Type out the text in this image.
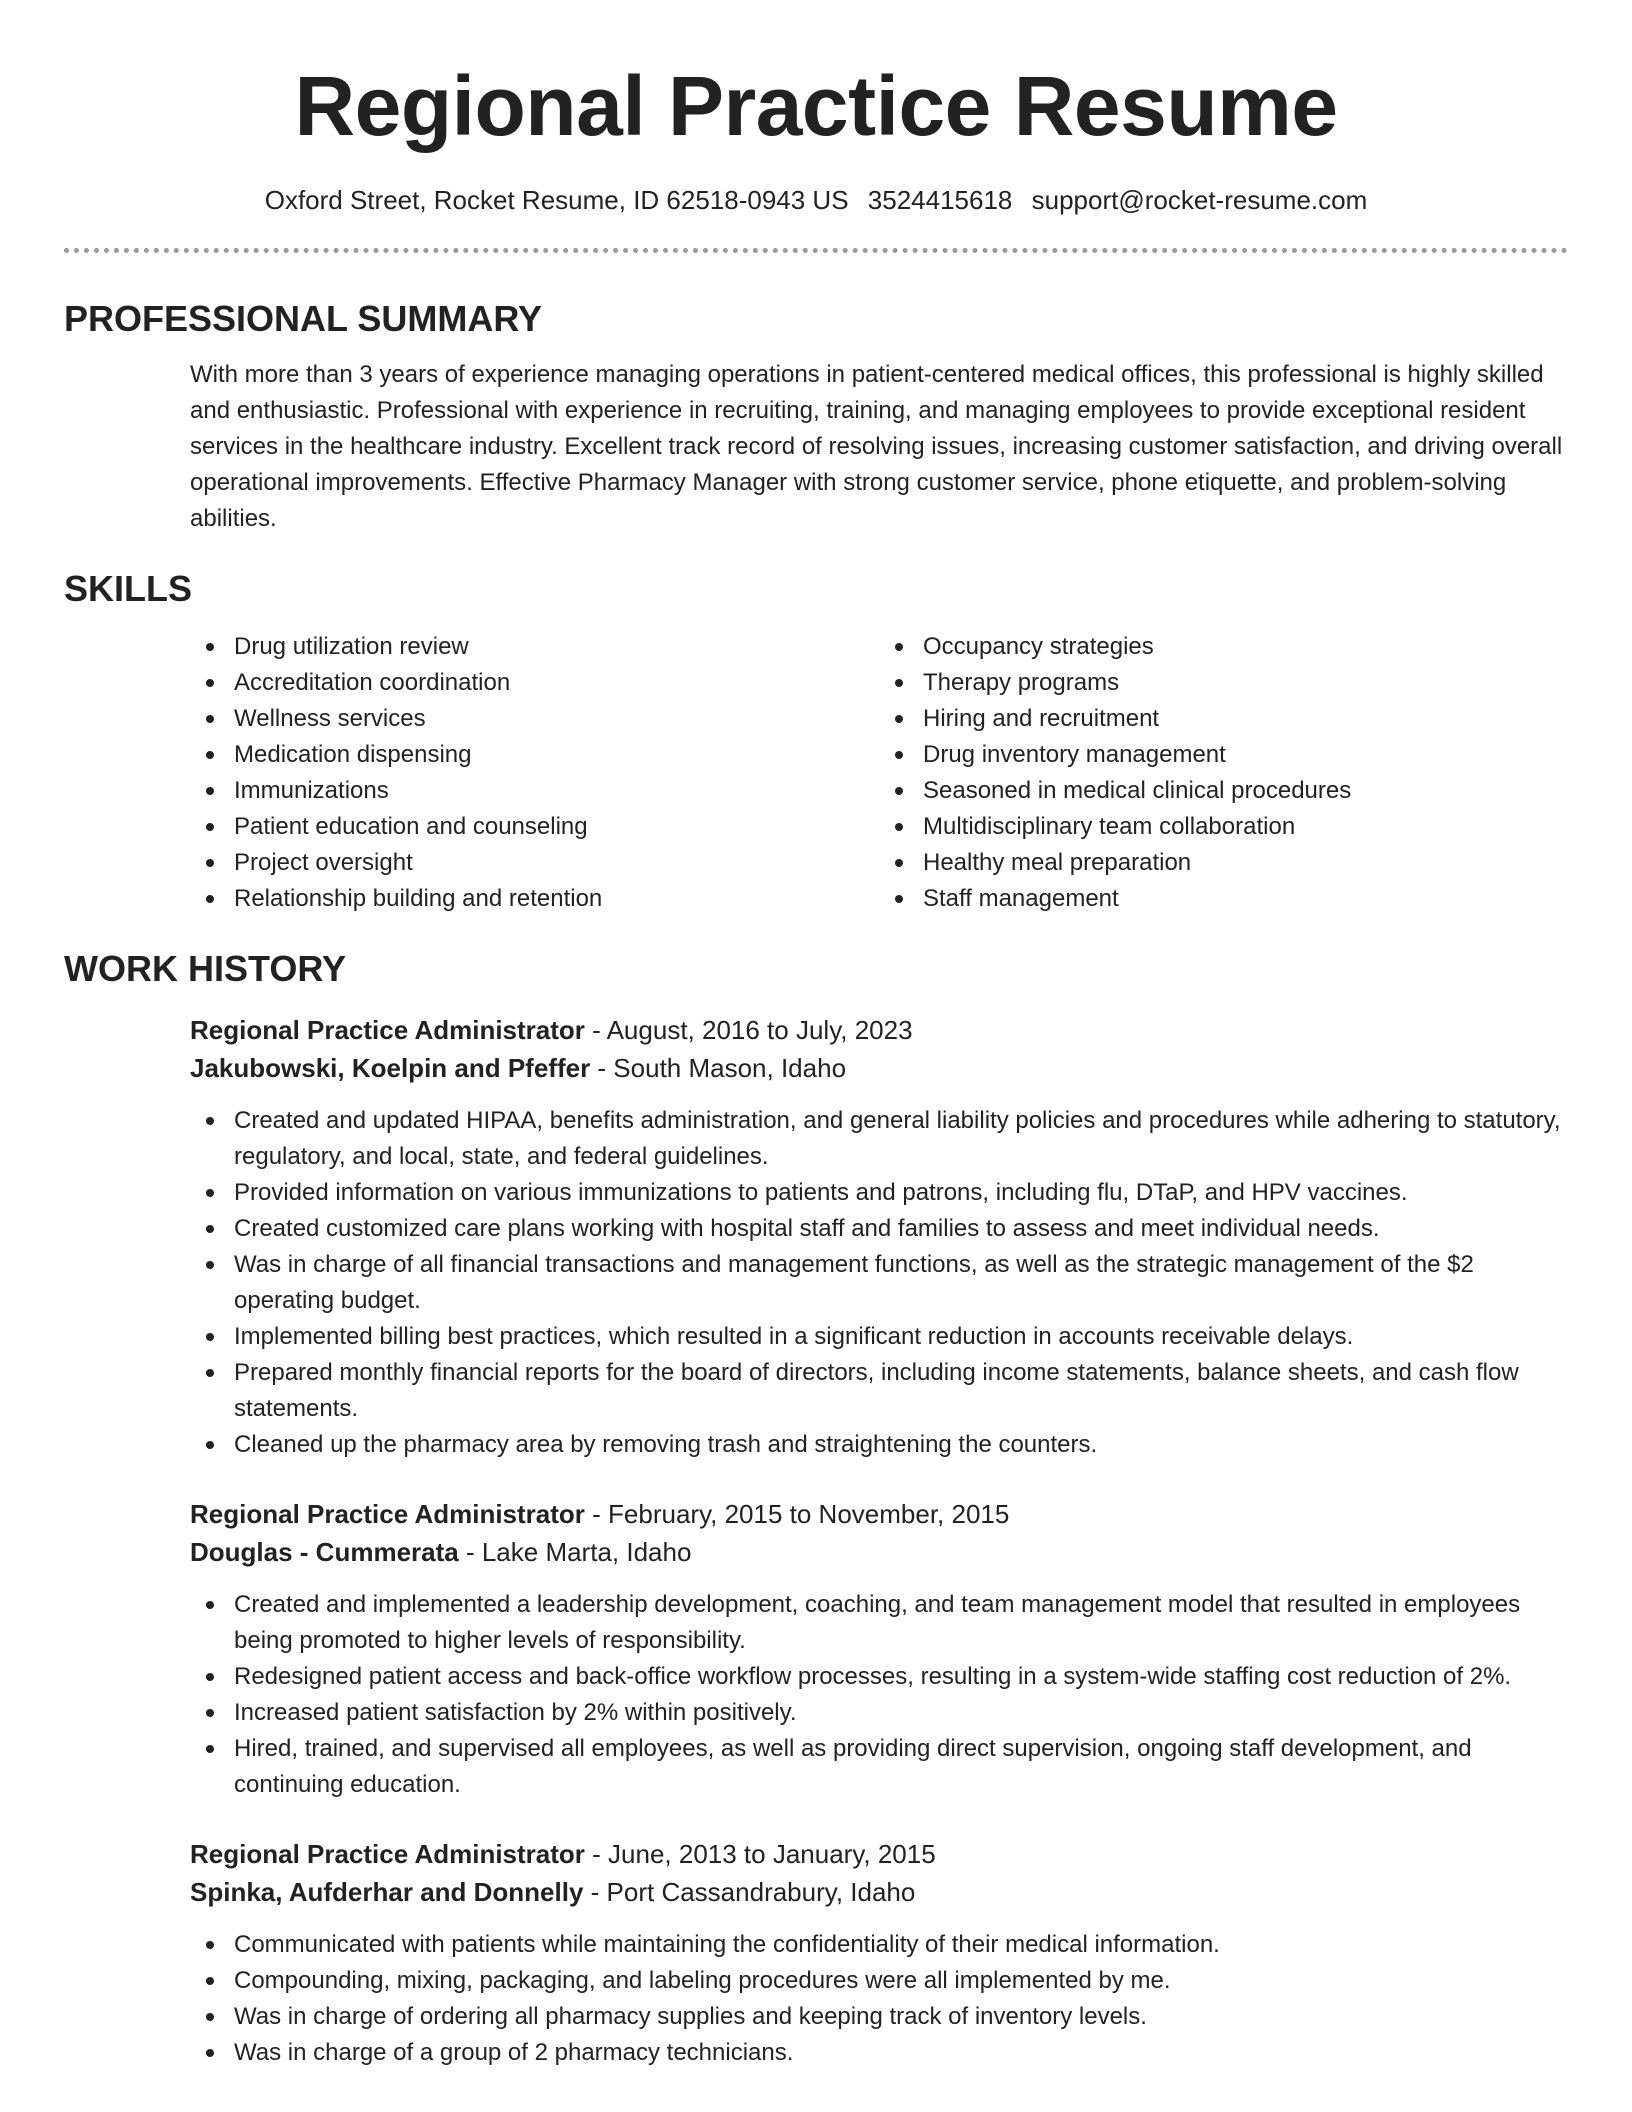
Regional Practice Resume
Oxford Street, Rocket Resume, ID 62518-0943 US 3524415618 support@rocket-resume.com
PROFESSIONAL SUMMARY

With more than 3 years of experience managing operations in patient-centered medical offices, this professional is highly skilled and enthusiastic. Professional with experience in recruiting, training, and managing employees to provide exceptional resident services in the healthcare industry. Excellent track record of resolving issues, increasing customer satisfaction, and driving overall operational improvements. Effective Pharmacy Manager with strong customer service, phone etiquette, and problem-solving abilities.

SKILLS
Drug utilization review
Accreditation coordination
Wellness services
Medication dispensing
Immunizations
Patient education and counseling
Project oversight
Relationship building and retention
Occupancy strategies
Therapy programs
Hiring and recruitment
Drug inventory management
Seasoned in medical clinical procedures
Multidisciplinary team collaboration
Healthy meal preparation
Staff management
WORK HISTORY
Regional Practice Administrator - August, 2016 to July, 2023
Jakubowski, Koelpin and Pfeffer - South Mason, Idaho
Created and updated HIPAA, benefits administration, and general liability policies and procedures while adhering to statutory, regulatory, and local, state, and federal guidelines.
Provided information on various immunizations to patients and patrons, including flu, DTaP, and HPV vaccines.
Created customized care plans working with hospital staff and families to assess and meet individual needs.
Was in charge of all financial transactions and management functions, as well as the strategic management of the $2 operating budget.
Implemented billing best practices, which resulted in a significant reduction in accounts receivable delays.
Prepared monthly financial reports for the board of directors, including income statements, balance sheets, and cash flow statements.
Cleaned up the pharmacy area by removing trash and straightening the counters.
Regional Practice Administrator - February, 2015 to November, 2015
Douglas - Cummerata - Lake Marta, Idaho
Created and implemented a leadership development, coaching, and team management model that resulted in employees being promoted to higher levels of responsibility.
Redesigned patient access and back-office workflow processes, resulting in a system-wide staffing cost reduction of 2%.
Increased patient satisfaction by 2% within positively.
Hired, trained, and supervised all employees, as well as providing direct supervision, ongoing staff development, and continuing education.
Regional Practice Administrator - June, 2013 to January, 2015
Spinka, Aufderhar and Donnelly - Port Cassandrabury, Idaho
Communicated with patients while maintaining the confidentiality of their medical information.
Compounding, mixing, packaging, and labeling procedures were all implemented by me.
Was in charge of ordering all pharmacy supplies and keeping track of inventory levels.
Was in charge of a group of 2 pharmacy technicians.
